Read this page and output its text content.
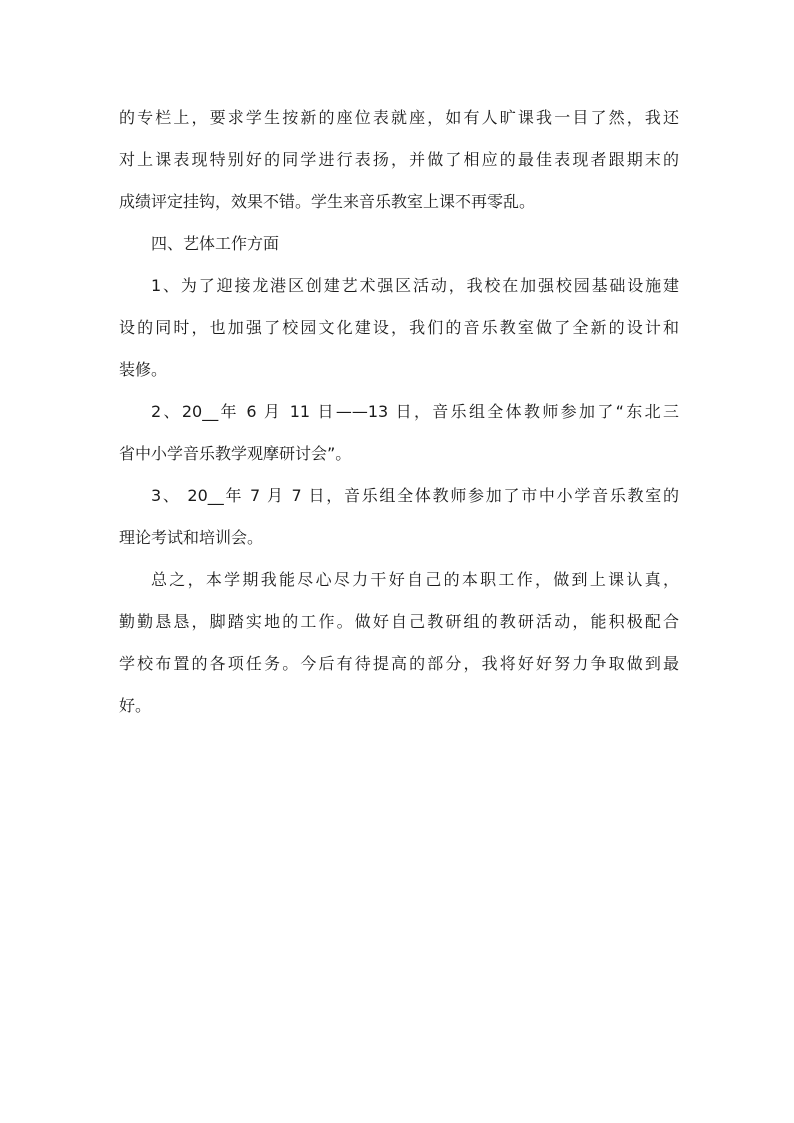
的专栏上，要求学生按新的座位表就座，如有人旷课我一目了然，我还
对上课表现特别好的同学进行表扬，并做了相应的最佳表现者跟期末的
成绩评定挂钩，效果不错。学生来音乐教室上课不再零乱。
四、艺体工作方面
1、为了迎接龙港区创建艺术强区活动，我校在加强校园基础设施建
设的同时，也加强了校园文化建设，我们的音乐教室做了全新的设计和
装修。
2、20__年 6 月 11 日——13 日，音乐组全体教师参加了“东北三
省中小学音乐教学观摩研讨会”。
3、 20__年 7 月 7 日，音乐组全体教师参加了市中小学音乐教室的
理论考试和培训会。
总之，本学期我能尽心尽力干好自己的本职工作，做到上课认真，
勤勤恳恳，脚踏实地的工作。做好自己教研组的教研活动，能积极配合
学校布置的各项任务。今后有待提高的部分，我将好好努力争取做到最
好。
